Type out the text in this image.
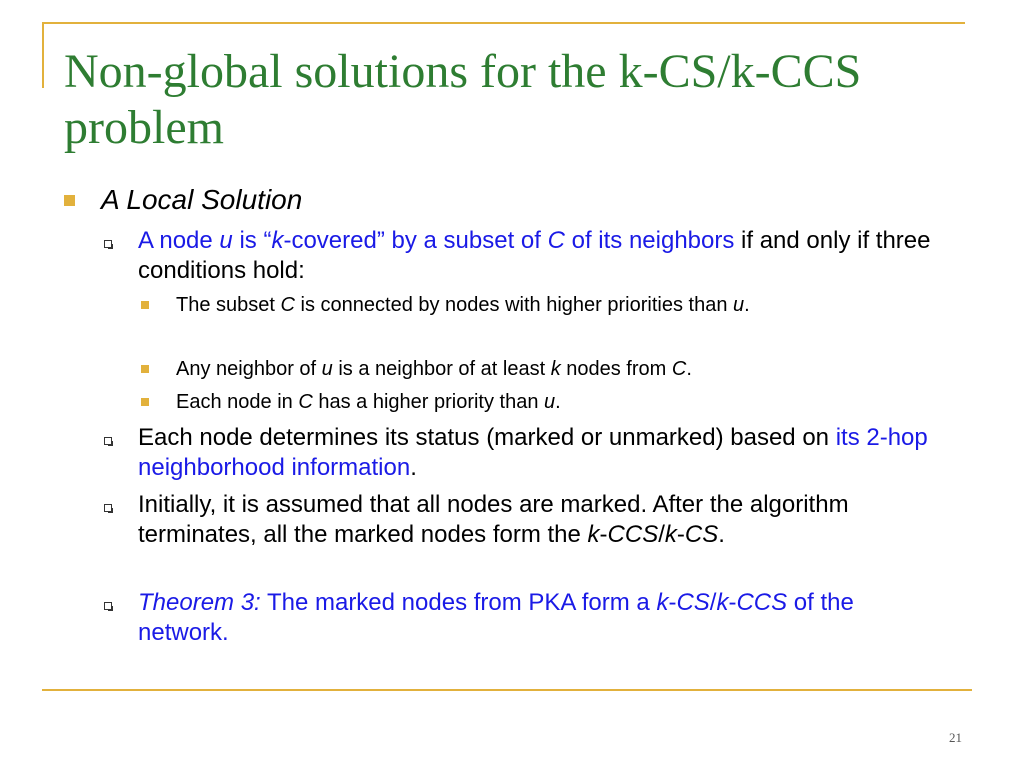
Non-global solutions for the k-CS/k-CCS problem
A Local Solution
A node u is “k-covered” by a subset of C of its neighbors if and only if three conditions hold:
The subset C is connected by nodes with higher priorities than u.
Any neighbor of u is a neighbor of at least k nodes from C.
Each node in C has a higher priority than u.
Each node determines its status (marked or unmarked) based on its 2-hop neighborhood information.
Initially, it is assumed that all nodes are marked. After the algorithm terminates, all the marked nodes form the k-CCS/k-CS.
Theorem 3: The marked nodes from PKA form a k-CS/k-CCS of the network.
21
